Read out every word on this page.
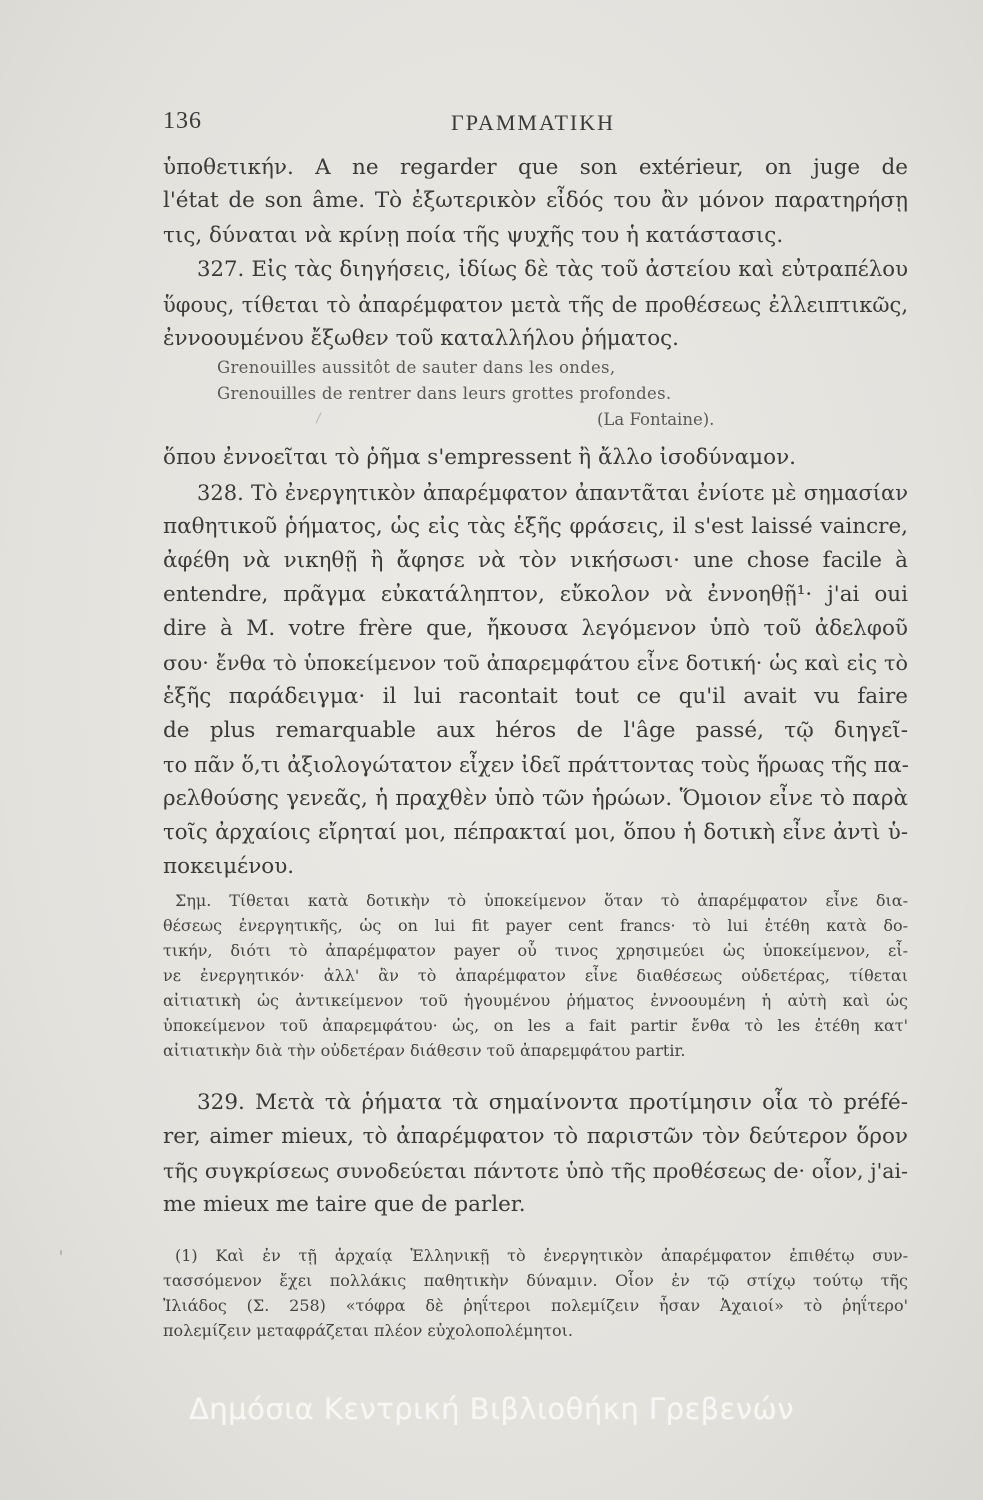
136	ΓΡΑΜΜΑΤΙΚΗ
ὑποθετικήν. A ne regarder que son extérieur, on juge de
l'état de son âme. Τὸ ἐξωτερικὸν εἶδός του ἂν μόνον παρατηρήσῃ
τις, δύναται νὰ κρίνῃ ποία τῆς ψυχῆς του ἡ κατάστασις.
327. Εἰς τὰς διηγήσεις, ἰδίως δὲ τὰς τοῦ ἀστείου καὶ εὐτραπέλου
ὕφους, τίθεται τὸ ἀπαρέμφατον μετὰ τῆς de προθέσεως ἐλλειπτικῶς,
ἐννοουμένου ἔξωθεν τοῦ καταλλήλου ῥήματος.
Grenouilles aussitôt de sauter dans les ondes,
Grenouilles de rentrer dans leurs grottes profondes.
(La Fontaine).
ὅπου ἐννοεῖται τὸ ῥῆμα s'empressent ἢ ἄλλο ἰσοδύναμον.
328. Τὸ ἐνεργητικὸν ἀπαρέμφατον ἀπαντᾶται ἐνίοτε μὲ σημασίαν
παθητικοῦ ῥήματος, ὡς εἰς τὰς ἑξῆς φράσεις, il s'est laissé vaincre,
ἀφέθη νὰ νικηθῇ ἢ ἄφησε νὰ τὸν νικήσωσι· une chose facile à
entendre, πρᾶγμα εὐκατάληπτον, εὔκολον νὰ ἐννοηθῇ¹· j'ai oui
dire à M. votre frère que, ἤκουσα λεγόμενον ὑπὸ τοῦ ἀδελφοῦ
σου· ἔνθα τὸ ὑποκείμενον τοῦ ἀπαρεμφάτου εἶνε δοτική· ὡς καὶ εἰς τὸ
ἑξῆς παράδειγμα· il lui racontait tout ce qu'il avait vu faire
de plus remarquable aux héros de l'âge passé, τῷ διηγεῖ-
το πᾶν ὅ,τι ἀξιολογώτατον εἶχεν ἰδεῖ πράττοντας τοὺς ἥρωας τῆς πα-
ρελθούσης γενεᾶς, ἡ πραχθὲν ὑπὸ τῶν ἡρώων. Ὅμοιον εἶνε τὸ παρὰ
τοῖς ἀρχαίοις εἴρηταί μοι, πέπρακταί μοι, ὅπου ἡ δοτικὴ εἶνε ἀντὶ ὑ-
ποκειμένου.
Σημ. Τίθεται κατὰ δοτικὴν τὸ ὑποκείμενον ὅταν τὸ ἀπαρέμφατον εἶνε δια-
θέσεως ἐνεργητικῆς, ὡς on lui fit payer cent francs· τὸ lui ἐτέθη κατὰ δο-
τικήν, διότι τὸ ἀπαρέμφατον payer οὗ τινος χρησιμεύει ὡς ὑποκείμενον, εἶ-
νε ἐνεργητικόν· ἀλλ' ἂν τὸ ἀπαρέμφατον εἶνε διαθέσεως οὐδετέρας, τίθεται
αἰτιατικὴ ὡς ἀντικείμενον τοῦ ἡγουμένου ῥήματος ἐννοουμένη ἡ αὐτὴ καὶ ὡς
ὑποκείμενον τοῦ ἀπαρεμφάτου· ὡς, on les a fait partir ἔνθα τὸ les ἐτέθη κατ'
αἰτιατικὴν διὰ τὴν οὐδετέραν διάθεσιν τοῦ ἀπαρεμφάτου partir.
329. Μετὰ τὰ ῥήματα τὰ σημαίνοντα προτίμησιν οἷα τὸ préfé-
rer, aimer mieux, τὸ ἀπαρέμφατον τὸ παριστῶν τὸν δεύτερον ὅρον
τῆς συγκρίσεως συνοδεύεται πάντοτε ὑπὸ τῆς προθέσεως de· οἷον, j'ai-
me mieux me taire que de parler.
(1) Καὶ ἐν τῇ ἀρχαίᾳ Ἑλληνικῇ τὸ ἐνεργητικὸν ἀπαρέμφατον ἐπιθέτῳ συν-
τασσόμενον ἔχει πολλάκις παθητικὴν δύναμιν. Οἷον ἐν τῷ στίχῳ τούτῳ τῆς
Ἰλιάδος (Σ. 258) «τόφρα δὲ ῥηΐτεροι πολεμίζειν ἦσαν Ἀχαιοί» τὸ ῥηΐτερο'
πολεμίζειν μεταφράζεται πλέον εὐχολοπολέμητοι.
Δημόσια Κεντρική Βιβλιοθήκη Γρεβενών
